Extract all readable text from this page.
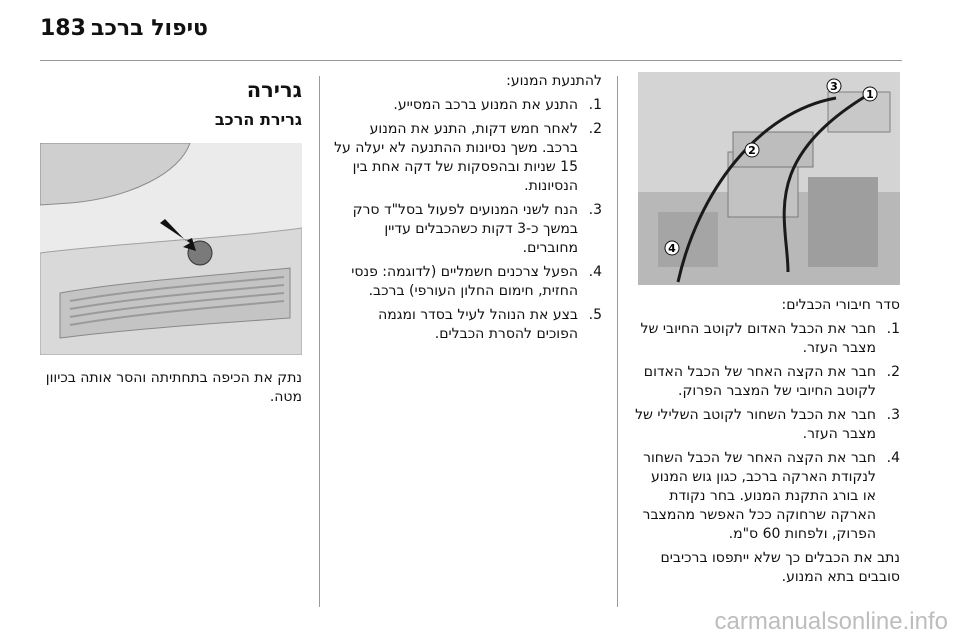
183 טיפול ברכב
1
2
3
4

סדר חיבורי הכבלים:

1.
חבר את הכבל האדום לקוטב החיובי של מצבר העזר.
2.
חבר את הקצה האחר של הכבל האדום לקוטב החיובי של המצבר הפרוק.
3.
חבר את הכבל השחור לקוטב השלילי של מצבר העזר.
4.
חבר את הקצה האחר של הכבל השחור לנקודת הארקה ברכב, כגון גוש המנוע או בורג התקנת המנוע. בחר נקודת הארקה שרחוקה ככל האפשר מהמצבר הפרוק, ולפחות 60 ס"מ.

נתב את הכבלים כך שלא ייתפסו ברכיבים סובבים בתא המנוע.

להתנעת המנוע:

1.
התנע את המנוע ברכב המסייע.
2.
לאחר חמש דקות, התנע את המנוע ברכב. משך נסיונות ההתנעה לא יעלה על 15 שניות ובהפסקות של דקה אחת בין הנסיונות.
3.
הנח לשני המנועים לפעול בסל"ד סרק במשך כ-3 דקות כשהכבלים עדיין מחוברים.
4.
הפעל צרכנים חשמליים (לדוגמה: פנסי החזית, חימום החלון העורפי) ברכב.
5.
בצע את הנוהל לעיל בסדר ומגמה הפוכים להסרת הכבלים.
גרירה
גרירת הרכב

נתק את הכיפה בתחתיתה והסר אותה בכיוון מטה.

carmanualsonline.info
